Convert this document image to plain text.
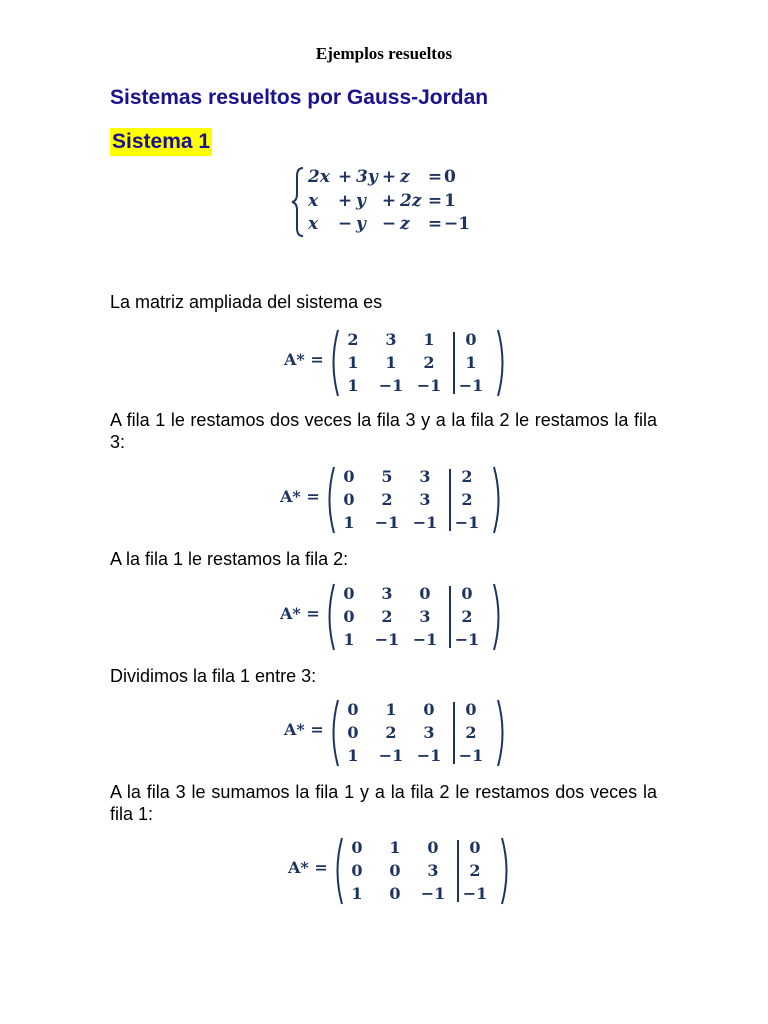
Ejemplos resueltos
Sistemas resueltos por Gauss-Jordan
Sistema 1
2x + 3y + z	= 0
x	+ y + 2z = 1
x	− y − z	= −1
La matriz ampliada del sistema es
A fila 1 le restamos dos veces la fila 3 y a la fila 2 le restamos la fila 3:
A la fila 1 le restamos la fila 2:
Dividimos la fila 1 entre 3:
A la fila 3 le sumamos la fila 1 y a la fila 2 le restamos dos veces la fila 1:
A* =
2	3	1	0
1	1	2	1
1	−1 −1 −1
A* =
0	5	3	2
0	2	3	2
1	−1 −1 −1
A* =
0	3	0	0
0	2	3	2
1	−1 −1 −1
A* =
0	1	0	0
0	2	3	2
1	−1 −1 −1
A* =
0	1	0	0
0	0	3	2
1	0	−1 −1
